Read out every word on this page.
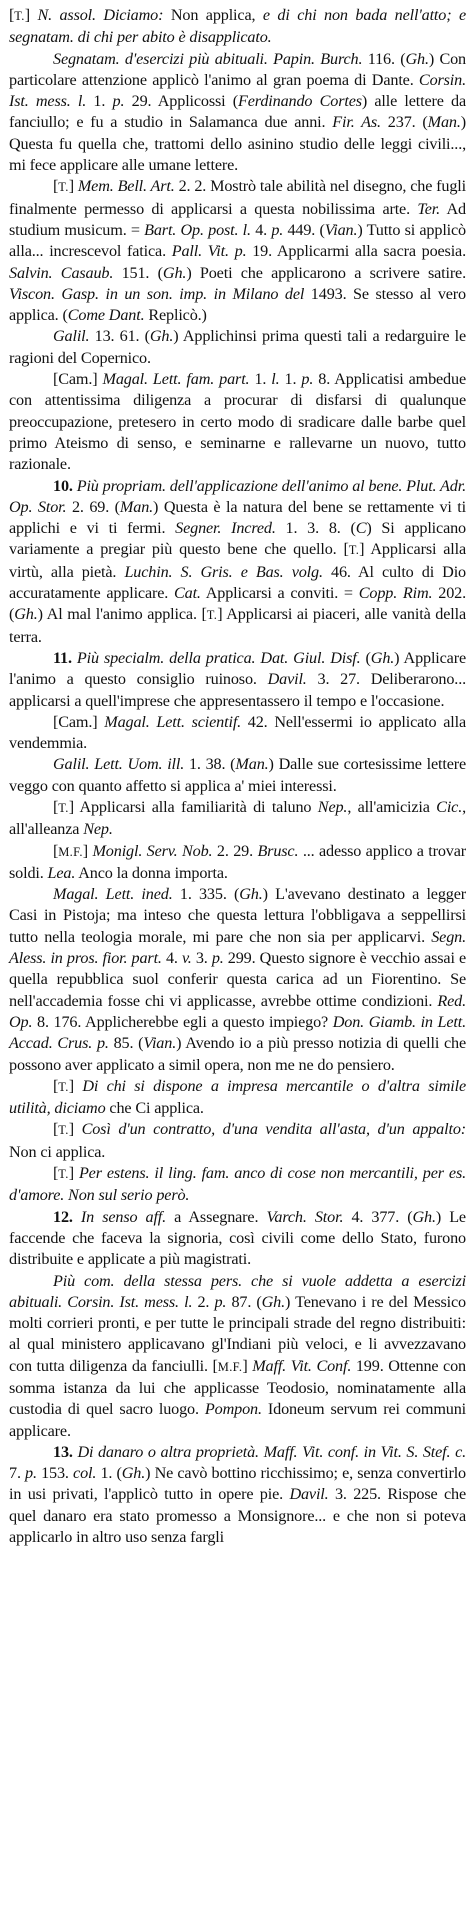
[T.] N. assol. Diciamo: Non applica, e di chi non bada nell'atto; e segnatam. di chi per abito è disapplicato.

Segnatam. d'esercizi più abituali. Papin. Burch. 116. (Gh.) Con particolare attenzione applicò l'animo al gran poema di Dante. Corsin. Ist. mess. l. 1. p. 29. Applicossi (Ferdinando Cortes) alle lettere da fanciullo; e fu a studio in Salamanca due anni. Fir. As. 237. (Man.) Questa fu quella che, trattomi dello asinino studio delle leggi civili..., mi fece applicare alle umane lettere.

[T.] Mem. Bell. Art. 2. 2. Mostrò tale abilità nel disegno, che fugli finalmente permesso di applicarsi a questa nobilissima arte. Ter. Ad studium musicum. = Bart. Op. post. l. 4. p. 449. (Vian.) Tutto si applicò alla... increscevol fatica. Pall. Vit. p. 19. Applicarmi alla sacra poesia. Salvin. Casaub. 151. (Gh.) Poeti che applicarono a scrivere satire. Viscon. Gasp. in un son. imp. in Milano del 1493. Se stesso al vero applica. (Come Dant. Replicò.)

Galil. 13. 61. (Gh.) Applichinsi prima questi tali a redarguire le ragioni del Copernico.

[Cam.] Magal. Lett. fam. part. 1. l. 1. p. 8. Applicatisi ambedue con attentissima diligenza a procurar di disfarsi di qualunque preoccupazione, pretesero in certo modo di sradicare dalle barbe quel primo Ateismo di senso, e seminarne e rallevarne un nuovo, tutto razionale.

10. Più propriam. dell'applicazione dell'animo al bene. Plut. Adr. Op. Stor. 2. 69. (Man.) Questa è la natura del bene se rettamente vi ti applichi e vi ti fermi. Segner. Incred. 1. 3. 8. (C) Si applicano variamente a pregiar più questo bene che quello. [T.] Applicarsi alla virtù, alla pietà. Luchin. S. Gris. e Bas. volg. 46. Al culto di Dio accuratamente applicare. Cat. Applicarsi a conviti. = Copp. Rim. 202. (Gh.) Al mal l'animo applica. [T.] Applicarsi ai piaceri, alle vanità della terra.

11. Più specialm. della pratica. Dat. Giul. Disf. (Gh.) Applicare l'animo a questo consiglio ruinoso. Davil. 3. 27. Deliberarono... applicarsi a quell'imprese che appresentassero il tempo e l'occasione.

[Cam.] Magal. Lett. scientif. 42. Nell'essermi io applicato alla vendemmia.

Galil. Lett. Uom. ill. 1. 38. (Man.) Dalle sue cortesissime lettere veggo con quanto affetto si applica a' miei interessi.

[T.] Applicarsi alla familiarità di taluno Nep., all'amicizia Cic., all'alleanza Nep.

[M.F.] Monigl. Serv. Nob. 2. 29. Brusc. ... adesso applico a trovar soldi. Lea. Anco la donna importa.

Magal. Lett. ined. 1. 335. (Gh.) L'avevano destinato a legger Casi in Pistoja; ma inteso che questa lettura l'obbligava a seppellirsi tutto nella teologia morale, mi pare che non sia per applicarvi. Segn. Aless. in pros. fior. part. 4. v. 3. p. 299. Questo signore è vecchio assai e quella repubblica suol conferir questa carica ad un Fiorentino. Se nell'accademia fosse chi vi applicasse, avrebbe ottime condizioni. Red. Op. 8. 176. Applicherebbe egli a questo impiego? Don. Giamb. in Lett. Accad. Crus. p. 85. (Vian.) Avendo io a più presso notizia di quelli che possono aver applicato a simil opera, non me ne do pensiero.

[T.] Di chi si dispone a impresa mercantile o d'altra simile utilità, diciamo che Ci applica.

[T.] Così d'un contratto, d'una vendita all'asta, d'un appalto: Non ci applica.

[T.] Per estens. il ling. fam. anco di cose non mercantili, per es. d'amore. Non sul serio però.

12. In senso aff. a Assegnare. Varch. Stor. 4. 377. (Gh.) Le faccende che faceva la signoria, così civili come dello Stato, furono distribuite e applicate a più magistrati.

Più com. della stessa pers. che si vuole addetta a esercizi abituali. Corsin. Ist. mess. l. 2. p. 87. (Gh.) Tenevano i re del Messico molti corrieri pronti, e per tutte le principali strade del regno distribuiti: al qual ministero applicavano gl'Indiani più veloci, e li avvezzavano con tutta diligenza da fanciulli. [M.F.] Maff. Vit. Conf. 199. Ottenne con somma istanza da lui che applicasse Teodosio, nominatamente alla custodia di quel sacro luogo. Pompon. Idoneum servum rei communi applicare.

13. Di danaro o altra proprietà. Maff. Vit. conf. in Vit. S. Stef. c. 7. p. 153. col. 1. (Gh.) Ne cavò bottino ricchissimo; e, senza convertirlo in usi privati, l'applicò tutto in opere pie. Davil. 3. 225. Rispose che quel danaro era stato promesso a Monsignore... e che non si poteva applicarlo in altro uso senza fargli
